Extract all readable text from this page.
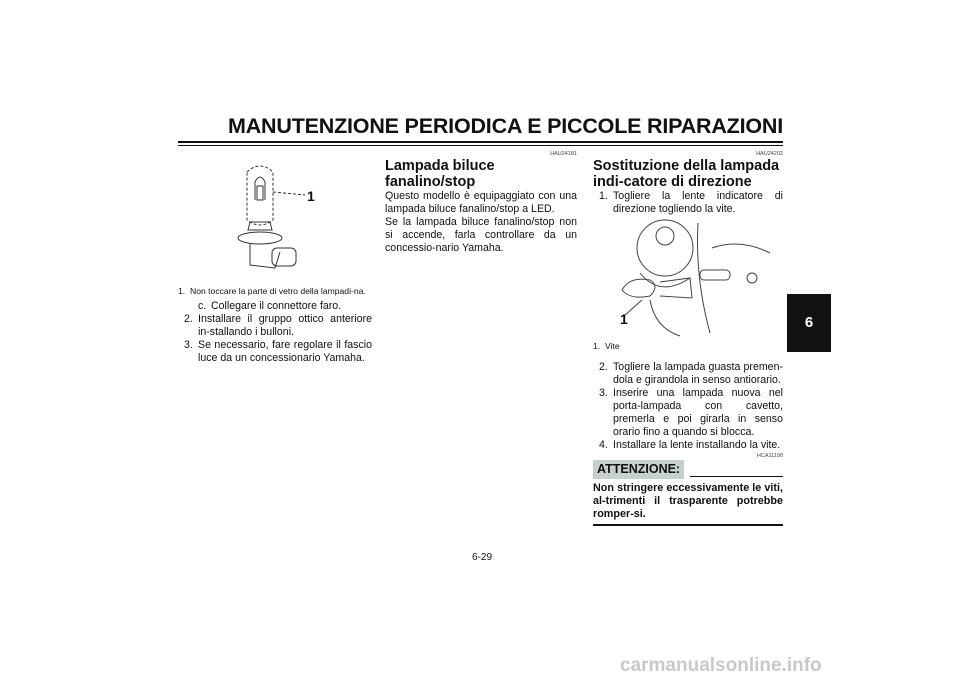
MANUTENZIONE PERIODICA E PICCOLE RIPARAZIONI
1
1. Non toccare la parte di vetro della lampadi-na.
c. Collegare il connettore faro.
2. Installare il gruppo ottico anteriore in-stallando i bulloni.
3. Se necessario, fare regolare il fascio luce da un concessionario Yamaha.
HAU24181
Lampada biluce fanalino/stop
Questo modello è equipaggiato con una lampada biluce fanalino/stop a LED.
Se la lampada biluce fanalino/stop non si accende, farla controllare da un concessio-nario Yamaha.
HAU24202
Sostituzione della lampada indi-catore di direzione
1. Togliere la lente indicatore di direzione togliendo la vite.
1
1. Vite
2. Togliere la lampada guasta premen-dola e girandola in senso antiorario.
3. Inserire una lampada nuova nel porta-lampada con cavetto, premerla e poi girarla in senso orario fino a quando si blocca.
4. Installare la lente installando la vite.
HCA11190
ATTENZIONE:
Non stringere eccessivamente le viti, al-trimenti il trasparente potrebbe romper-si.
6
6-29
carmanualsonline.info
